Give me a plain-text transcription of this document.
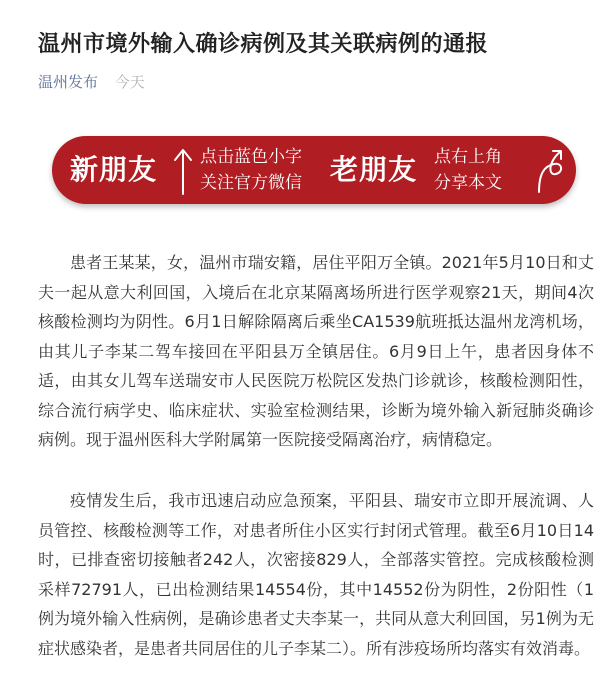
温州市境外输入确诊病例及其关联病例的通报
温州发布 今天
新朋友	点击蓝色小字
关注官方微信 老朋友 点右上角
分享本文

患者王某某，女，温州市瑞安籍，居住平阳万全镇。2021年5月10日和丈夫一起从意大利回国，入境后在北京某隔离场所进行医学观察21天，期间4次核酸检测均为阴性。6月1日解除隔离后乘坐CA1539航班抵达温州龙湾机场，由其儿子李某二驾车接回在平阳县万全镇居住。6月9日上午，患者因身体不适，由其女儿驾车送瑞安市人民医院万松院区发热门诊就诊，核酸检测阳性，综合流行病学史、临床症状、实验室检测结果，诊断为境外输入新冠肺炎确诊病例。现于温州医科大学附属第一医院接受隔离治疗，病情稳定。

疫情发生后，我市迅速启动应急预案，平阳县、瑞安市立即开展流调、人员管控、核酸检测等工作，对患者所住小区实行封闭式管理。截至6月10日14时，已排查密切接触者242人，次密接829人，全部落实管控。完成核酸检测采样72791人，已出检测结果14554份，其中14552份为阴性，2份阳性（1例为境外输入性病例，是确诊患者丈夫李某一，共同从意大利回国，另1例为无症状感染者，是患者共同居住的儿子李某二）。所有涉疫场所均落实有效消毒。
